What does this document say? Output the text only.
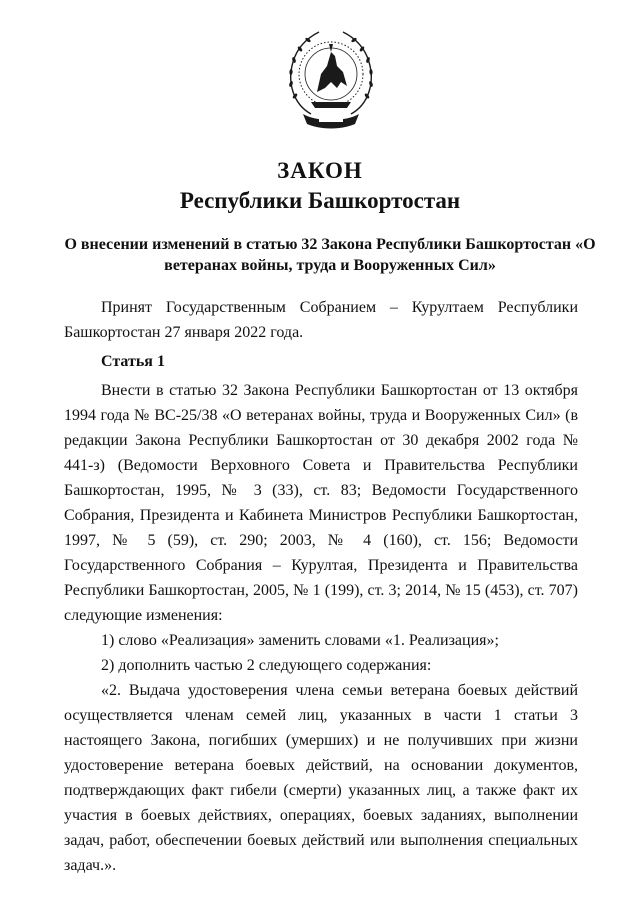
ЗАКОН
Республики Башкортостан

О внесении изменений в статью 32 Закона Республики Башкортостан «О ветеранах войны, труда и Вооруженных Сил»

Принят Государственным Собранием – Курултаем Республики Башкортостан 27 января 2022 года.

Статья 1

Внести в статью 32 Закона Республики Башкортостан от 13 октября 1994 года № ВС-25/38 «О ветеранах войны, труда и Вооруженных Сил» (в редакции Закона Республики Башкортостан от 30 декабря 2002 года № 441-з) (Ведомости Верховного Совета и Правительства Республики Башкортостан, 1995, № 3 (33), ст. 83; Ведомости Государственного Собрания, Президента и Кабинета Министров Республики Башкортостан, 1997, № 5 (59), ст. 290; 2003, № 4 (160), ст. 156; Ведомости Государственного Собрания – Курултая, Президента и Правительства Республики Башкортостан, 2005, № 1 (199), ст. 3; 2014, № 15 (453), ст. 707) следующие изменения:

1) слово «Реализация» заменить словами «1. Реализация»;

2) дополнить частью 2 следующего содержания:

«2. Выдача удостоверения члена семьи ветерана боевых действий осуществляется членам семей лиц, указанных в части 1 статьи 3 настоящего Закона, погибших (умерших) и не получивших при жизни удостоверение ветерана боевых действий, на основании документов, подтверждающих факт гибели (смерти) указанных лиц, а также факт их участия в боевых действиях, операциях, боевых заданиях, выполнении задач, работ, обеспечении боевых действий или выполнения специальных задач.».
